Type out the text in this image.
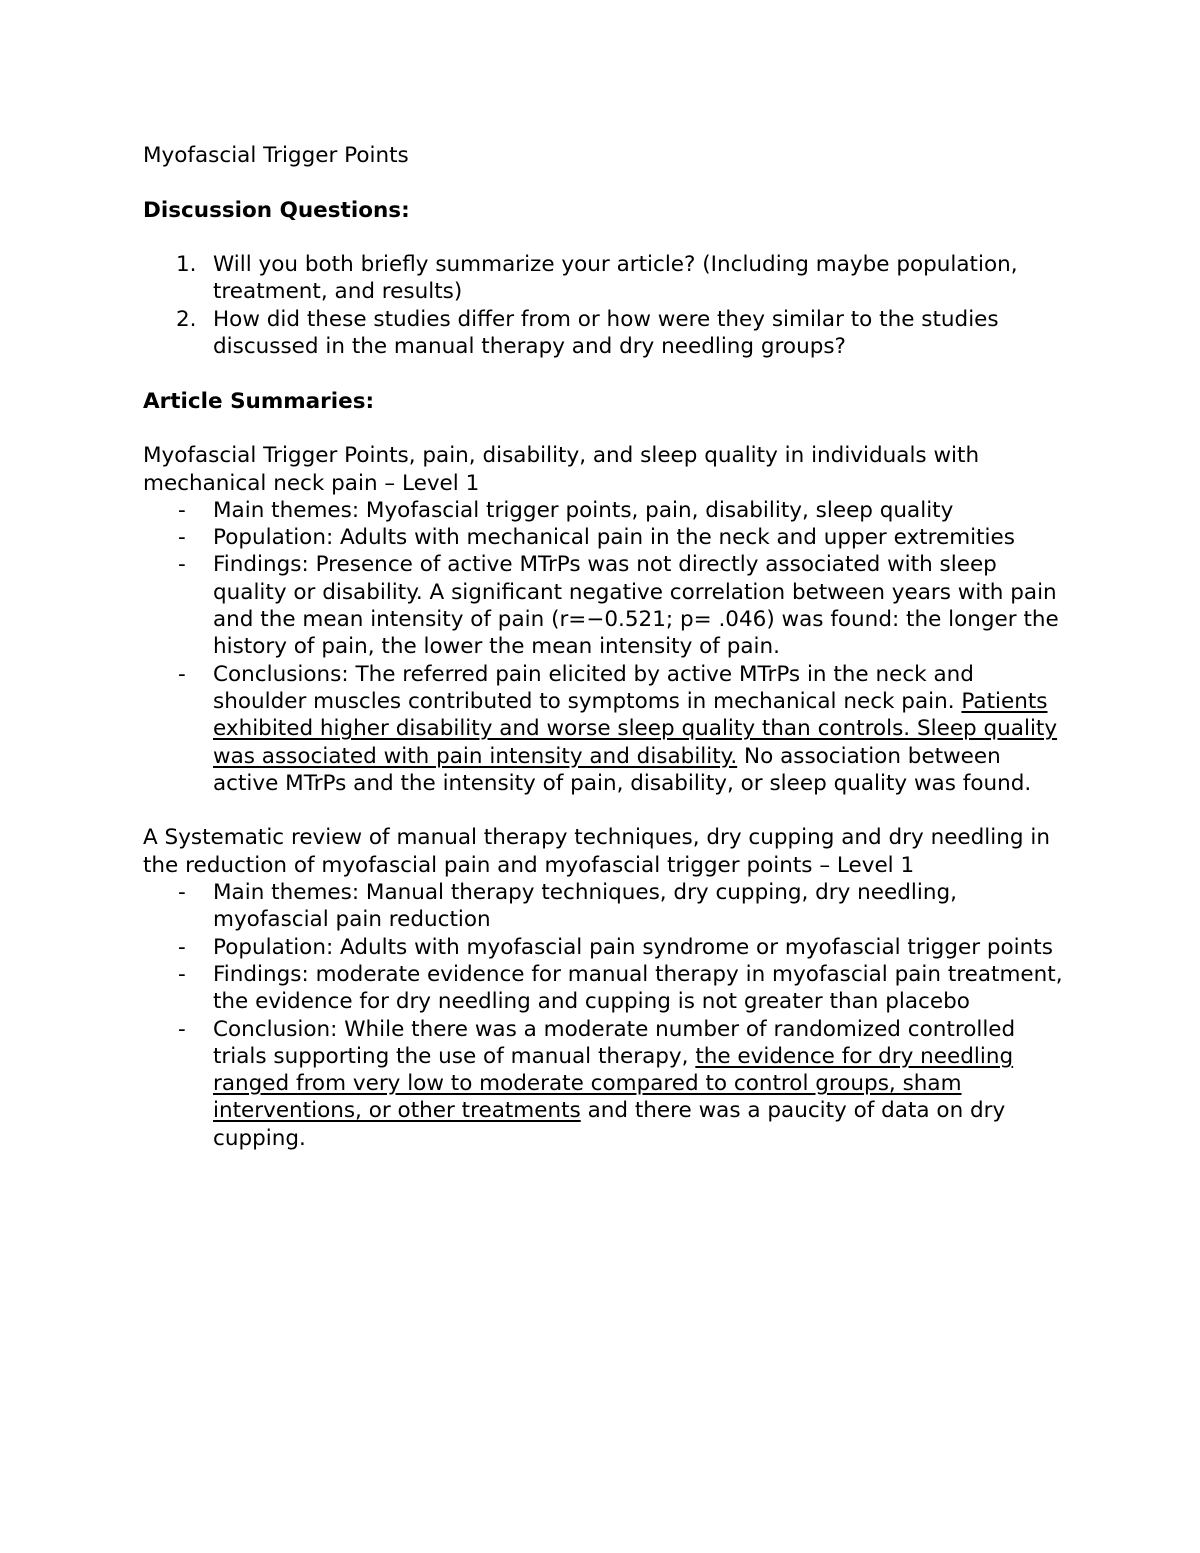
Myofascial Trigger Points

Discussion Questions:

1. Will you both briefly summarize your article? (Including maybe population, treatment, and results)
2. How did these studies differ from or how were they similar to the studies discussed in the manual therapy and dry needling groups?

Article Summaries:

Myofascial Trigger Points, pain, disability, and sleep quality in individuals with mechanical neck pain – Level 1

-	Main themes: Myofascial trigger points, pain, disability, sleep quality
-	Population: Adults with mechanical pain in the neck and upper extremities
-	Findings: Presence of active MTrPs was not directly associated with sleep quality or disability. A significant negative correlation between years with pain and the mean intensity of pain (r=−0.521; p= .046) was found: the longer the history of pain, the lower the mean intensity of pain.
-	Conclusions: The referred pain elicited by active MTrPs in the neck and shoulder muscles contributed to symptoms in mechanical neck pain. Patients exhibited higher disability and worse sleep quality than controls. Sleep quality was associated with pain intensity and disability. No association between active MTrPs and the intensity of pain, disability, or sleep quality was found.

A Systematic review of manual therapy techniques, dry cupping and dry needling in the reduction of myofascial pain and myofascial trigger points – Level 1

-	Main themes: Manual therapy techniques, dry cupping, dry needling, myofascial pain reduction
-	Population: Adults with myofascial pain syndrome or myofascial trigger points
-	Findings: moderate evidence for manual therapy in myofascial pain treatment, the evidence for dry needling and cupping is not greater than placebo
-	Conclusion: While there was a moderate number of randomized controlled trials supporting the use of manual therapy, the evidence for dry needling ranged from very low to moderate compared to control groups, sham interventions, or other treatments and there was a paucity of data on dry cupping.
